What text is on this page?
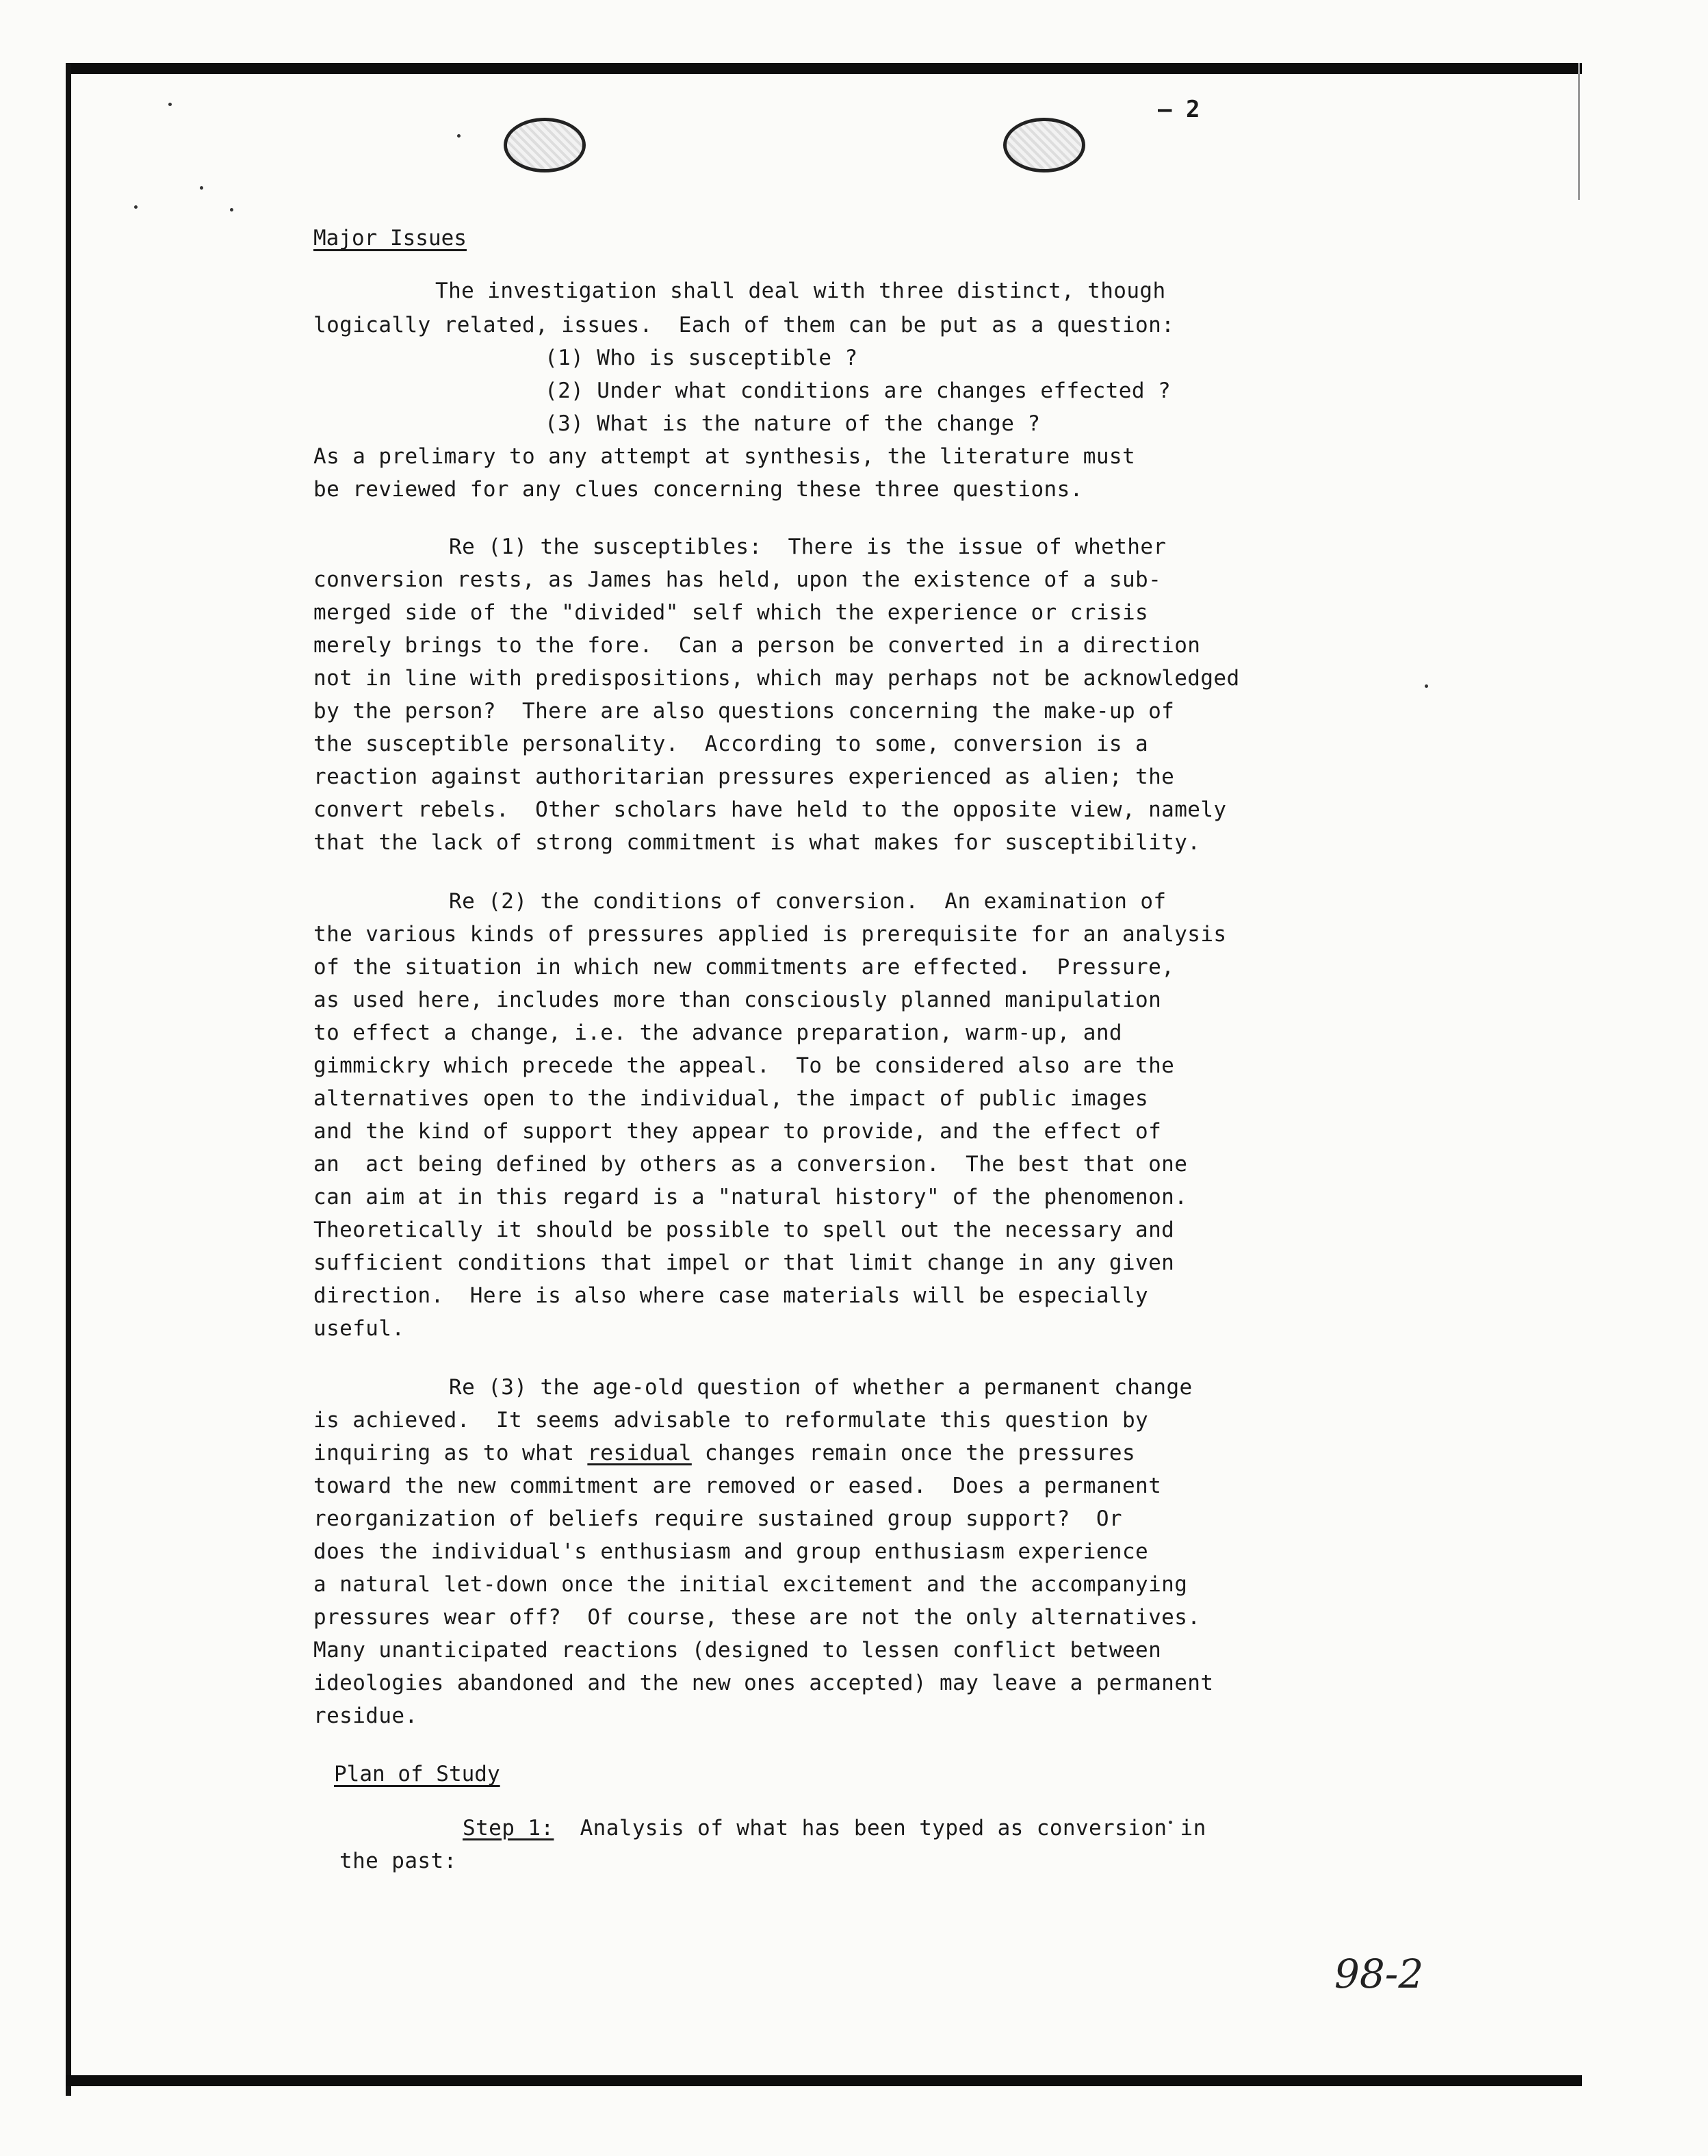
— 2
Major Issues
The investigation shall deal with three distinct, though
logically related, issues.  Each of them can be put as a question:
(1) Who is susceptible ?
(2) Under what conditions are changes effected ?
(3) What is the nature of the change ?
As a prelimary to any attempt at synthesis, the literature must
be reviewed for any clues concerning these three questions.
Re (1) the susceptibles:  There is the issue of whether
conversion rests, as James has held, upon the existence of a sub-
merged side of the "divided" self which the experience or crisis
merely brings to the fore.  Can a person be converted in a direction
not in line with predispositions, which may perhaps not be acknowledged
by the person?  There are also questions concerning the make-up of
the susceptible personality.  According to some, conversion is a
reaction against authoritarian pressures experienced as alien; the
convert rebels.  Other scholars have held to the opposite view, namely
that the lack of strong commitment is what makes for susceptibility.
Re (2) the conditions of conversion.  An examination of
the various kinds of pressures applied is prerequisite for an analysis
of the situation in which new commitments are effected.  Pressure,
as used here, includes more than consciously planned manipulation
to effect a change, i.e. the advance preparation, warm-up, and
gimmickry which precede the appeal.  To be considered also are the
alternatives open to the individual, the impact of public images
and the kind of support they appear to provide, and the effect of
an  act being defined by others as a conversion.  The best that one
can aim at in this regard is a "natural history" of the phenomenon.
Theoretically it should be possible to spell out the necessary and
sufficient conditions that impel or that limit change in any given
direction.  Here is also where case materials will be especially
useful.
Re (3) the age-old question of whether a permanent change
is achieved.  It seems advisable to reformulate this question by
inquiring as to what residual changes remain once the pressures
toward the new commitment are removed or eased.  Does a permanent
reorganization of beliefs require sustained group support?  Or
does the individual's enthusiasm and group enthusiasm experience
a natural let-down once the initial excitement and the accompanying
pressures wear off?  Of course, these are not the only alternatives.
Many unanticipated reactions (designed to lessen conflict between
ideologies abandoned and the new ones accepted) may leave a permanent
residue.
Plan of Study
Step 1:  Analysis of what has been typed as conversion in
the past:
98-2
